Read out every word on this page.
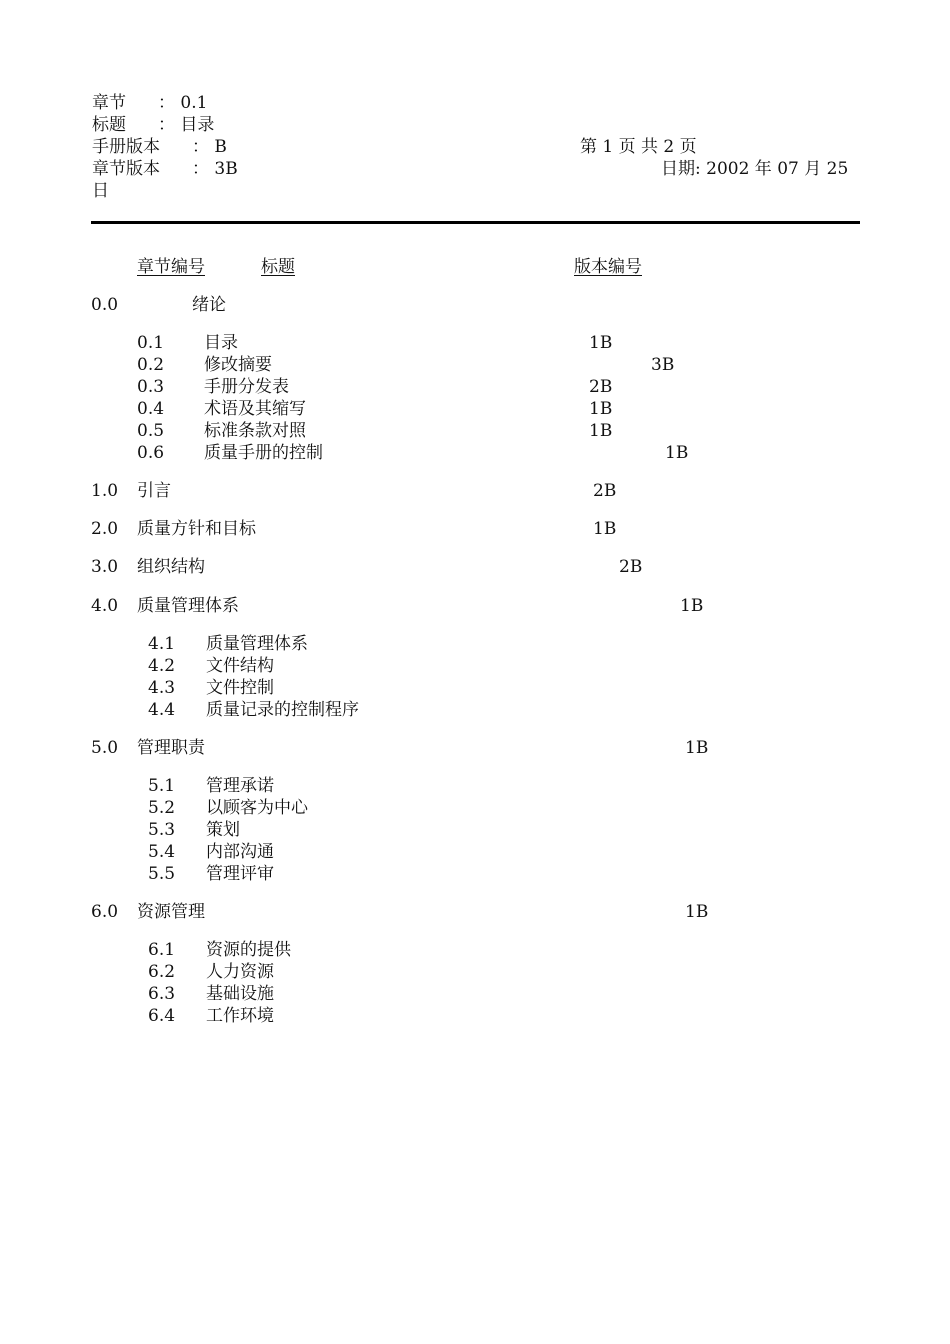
章节 ： 0.1
标题 ： 目录
手册版本 ： B	第 1 页 共 2 页
章节版本 ： 3B	日期: 2002 年 07 月 25
日
章节编号	标题	版本编号
0.0	绪论
0.1 目录	1B
0.2 修改摘要	3B
0.3 手册分发表	2B
0.4 术语及其缩写	1B
0.5 标准条款对照	1B
0.6 质量手册的控制	1B
1.0 引言	2B
2.0 质量方针和目标	1B
3.0 组织结构	2B
4.0 质量管理体系	1B
4.1 质量管理体系
4.2 文件结构
4.3 文件控制
4.4 质量记录的控制程序
5.0 管理职责	1B
5.1 管理承诺
5.2 以顾客为中心
5.3 策划
5.4 内部沟通
5.5 管理评审
6.0 资源管理	1B
6.1 资源的提供
6.2 人力资源
6.3 基础设施
6.4 工作环境
